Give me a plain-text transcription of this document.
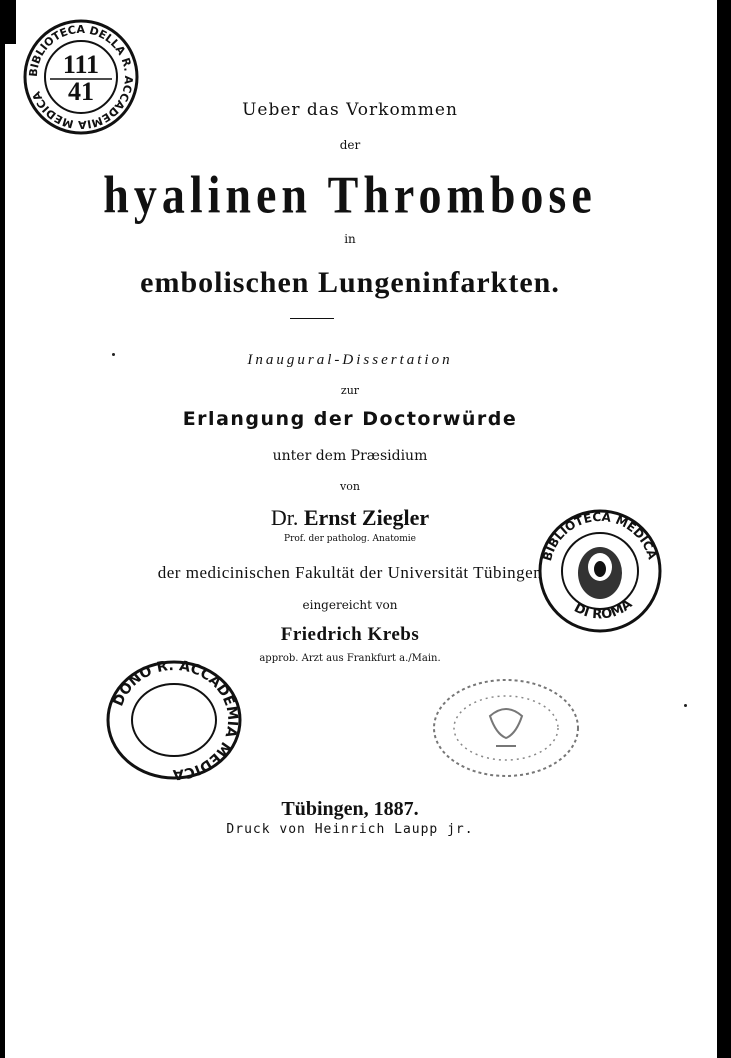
Ueber das Vorkommen
der
hyalinen Thrombose
in
embolischen Lungeninfarkten.
Inaugural-Dissertation
zur
Erlangung der Doctorwürde
unter dem Præsidium
von
Dr. Ernst Ziegler
Prof. der patholog. Anatomie
der medicinischen Fakultät der Universität Tübingen
eingereicht von
Friedrich Krebs
approb. Arzt aus Frankfurt a./Main.
Tübingen, 1887.
Druck von Heinrich Laupp jr.
BIBLIOTECA DELLA R. ACCADEMIA MEDICA
111
41
BIBLIOTECA MEDICA
DI ROMA
DONO R. ACCADEMIA MEDICA
